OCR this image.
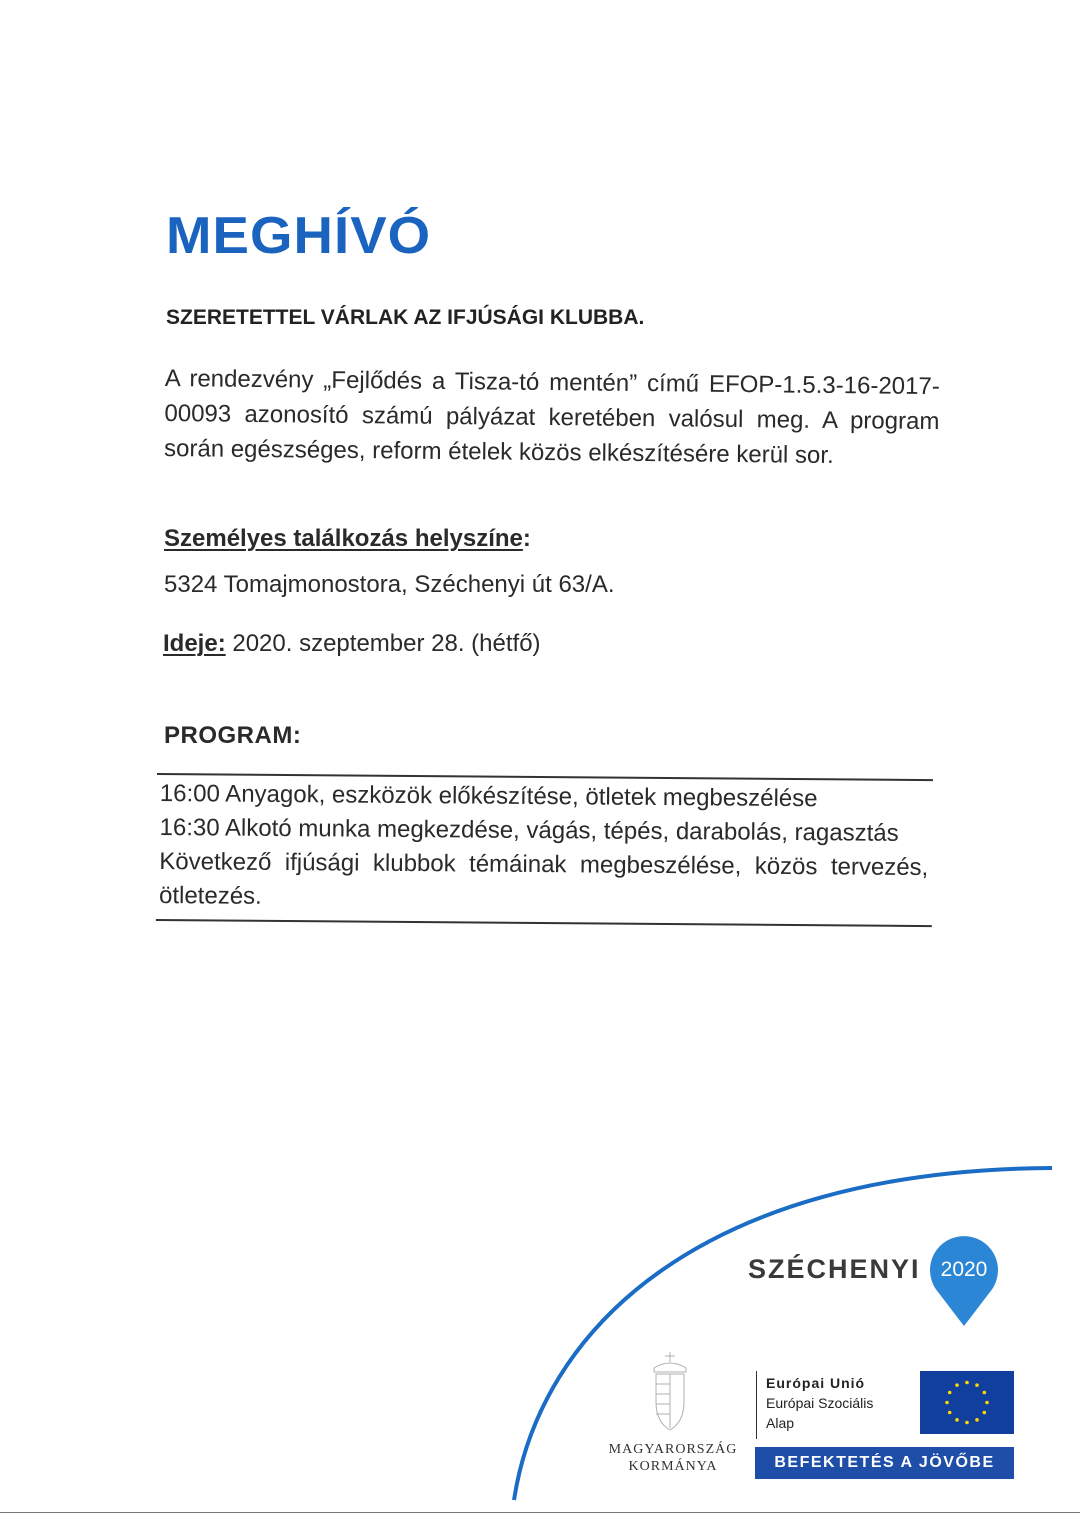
MEGHÍVÓ
SZERETETTEL VÁRLAK AZ IFJÚSÁGI KLUBBA.
A rendezvény „Fejlődés a Tisza-tó mentén” című EFOP-1.5.3-16-2017-00093 azonosító számú pályázat keretében valósul meg. A program során egészséges, reform ételek közös elkészítésére kerül sor.
Személyes találkozás helyszíne:
5324 Tomajmonostora, Széchenyi út 63/A.
Ideje: 2020. szeptember 28. (hétfő)
PROGRAM:
16:00 Anyagok, eszközök előkészítése, ötletek megbeszélése
16:30 Alkotó munka megkezdése, vágás, tépés, darabolás, ragasztás
Következő ifjúsági klubbok témáinak megbeszélése, közös tervezés, ötletezés.
SZÉCHENYI 2020
MAGYARORSZÁG
KORMÁNYA
Európai Unió
Európai Szociális
Alap
BEFEKTETÉS A JÖVŐBE
